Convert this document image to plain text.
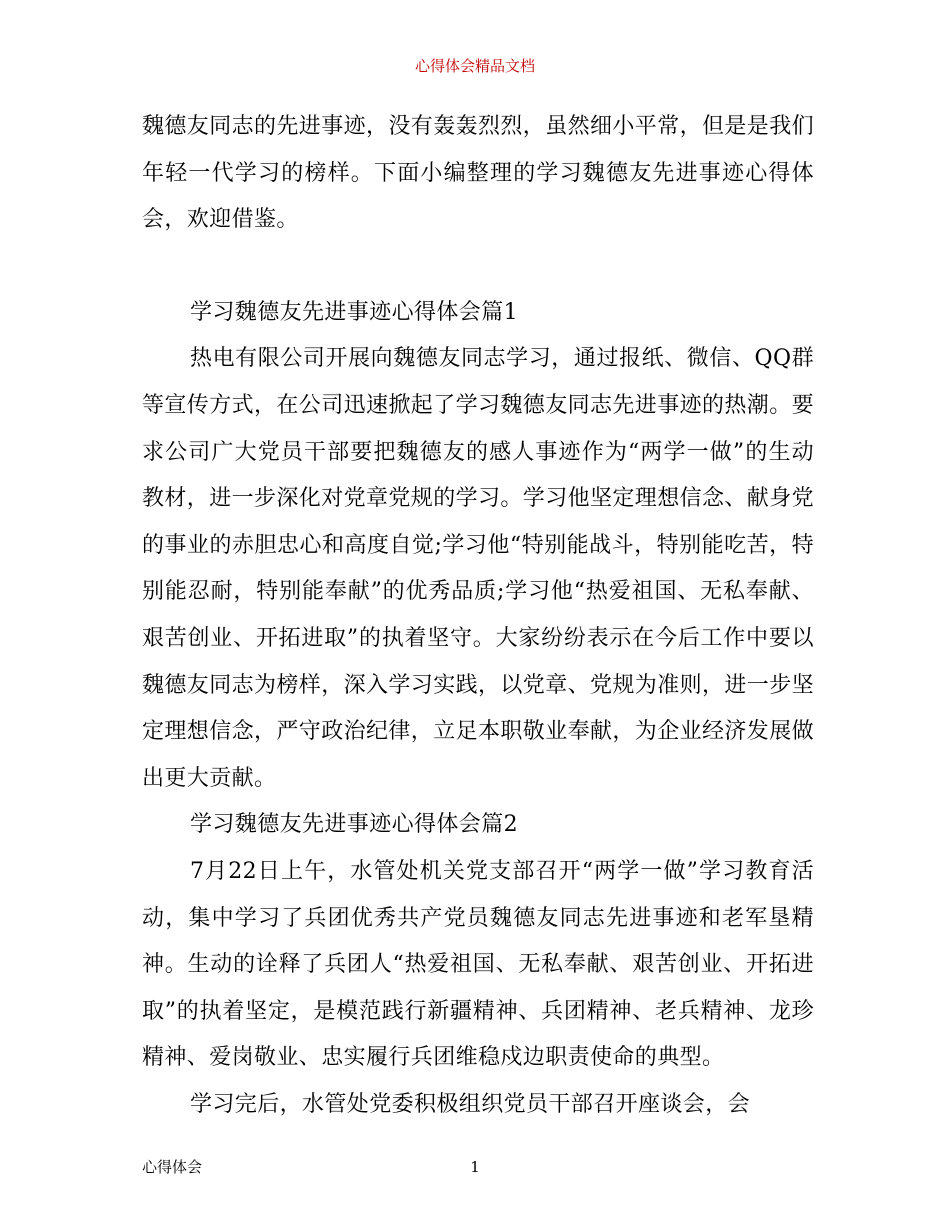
心得体会精品文档

魏德友同志的先进事迹，没有轰轰烈烈，虽然细小平常，但是是我们年轻一代学习的榜样。下面小编整理的学习魏德友先进事迹心得体会，欢迎借鉴。

学习魏德友先进事迹心得体会篇1

热电有限公司开展向魏德友同志学习，通过报纸、微信、QQ群等宣传方式，在公司迅速掀起了学习魏德友同志先进事迹的热潮。要求公司广大党员干部要把魏德友的感人事迹作为“两学一做”的生动教材，进一步深化对党章党规的学习。学习他坚定理想信念、献身党的事业的赤胆忠心和高度自觉;学习他“特别能战斗，特别能吃苦，特别能忍耐，特别能奉献”的优秀品质;学习他“热爱祖国、无私奉献、艰苦创业、开拓进取”的执着坚守。大家纷纷表示在今后工作中要以魏德友同志为榜样，深入学习实践，以党章、党规为准则，进一步坚定理想信念，严守政治纪律，立足本职敬业奉献，为企业经济发展做出更大贡献。

学习魏德友先进事迹心得体会篇2

7月22日上午，水管处机关党支部召开“两学一做”学习教育活动，集中学习了兵团优秀共产党员魏德友同志先进事迹和老军垦精神。生动的诠释了兵团人“热爱祖国、无私奉献、艰苦创业、开拓进取”的执着坚定，是模范践行新疆精神、兵团精神、老兵精神、龙珍精神、爱岗敬业、忠实履行兵团维稳戍边职责使命的典型。

学习完后，水管处党委积极组织党员干部召开座谈会，会

心得体会	1
